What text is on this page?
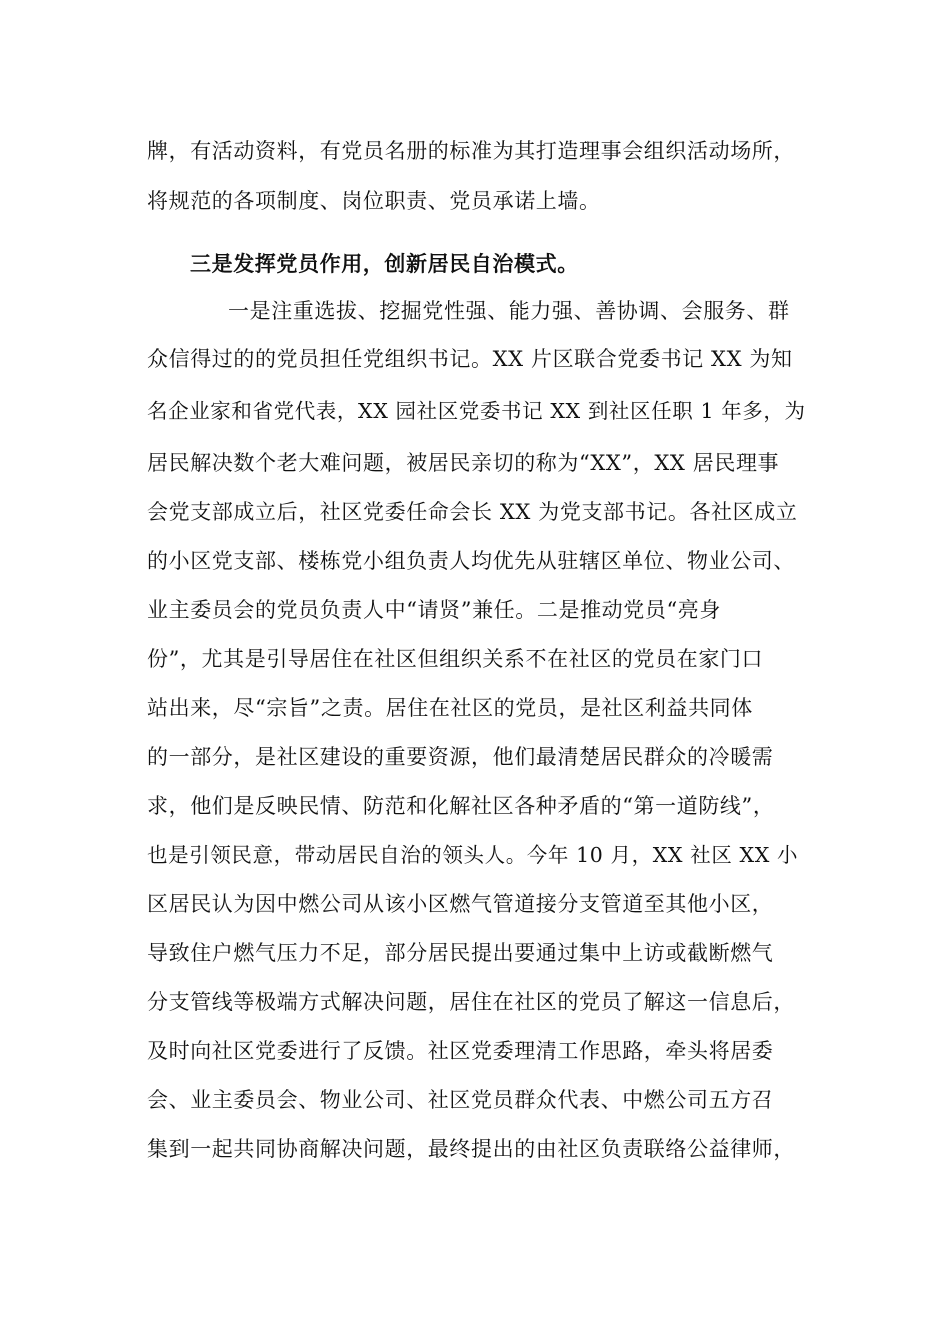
牌，有活动资料，有党员名册的标准为其打造理事会组织活动场所，
将规范的各项制度、岗位职责、党员承诺上墙。
三是发挥党员作用，创新居民自治模式。
一是注重选拔、挖掘党性强、能力强、善协调、会服务、群
众信得过的的党员担任党组织书记。XX 片区联合党委书记 XX 为知
名企业家和省党代表，XX 园社区党委书记 XX 到社区任职 1 年多，为
居民解决数个老大难问题，被居民亲切的称为“XX”，XX 居民理事
会党支部成立后，社区党委任命会长 XX 为党支部书记。各社区成立
的小区党支部、楼栋党小组负责人均优先从驻辖区单位、物业公司、
业主委员会的党员负责人中“请贤”兼任。二是推动党员“亮身
份”，尤其是引导居住在社区但组织关系不在社区的党员在家门口
站出来，尽“宗旨”之责。居住在社区的党员，是社区利益共同体
的一部分，是社区建设的重要资源，他们最清楚居民群众的冷暖需
求，他们是反映民情、防范和化解社区各种矛盾的“第一道防线”，
也是引领民意，带动居民自治的领头人。今年 10 月，XX 社区 XX 小
区居民认为因中燃公司从该小区燃气管道接分支管道至其他小区，
导致住户燃气压力不足，部分居民提出要通过集中上访或截断燃气
分支管线等极端方式解决问题，居住在社区的党员了解这一信息后，
及时向社区党委进行了反馈。社区党委理清工作思路，牵头将居委
会、业主委员会、物业公司、社区党员群众代表、中燃公司五方召
集到一起共同协商解决问题，最终提出的由社区负责联络公益律师，
